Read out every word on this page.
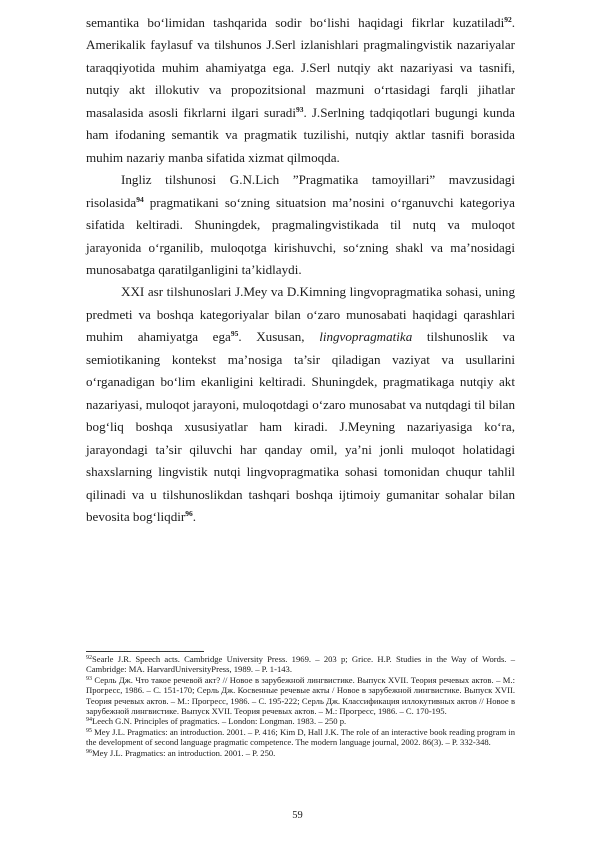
semantika bo‘limidan tashqarida sodir bo‘lishi haqidagi fikrlar kuzatiladi$^{92}$. Amerikalik faylasuf va tilshunos J.Serl izlanishlari pragmalingvistik nazariyalar taraqqiyotida muhim ahamiyatga ega. J.Serl nutqiy akt nazariyasi va tasnifi, nutqiy akt illokutiv va propozitsional mazmuni o‘rtasidagi farqli jihatlar masalasida asosli fikrlarni ilgari suradi$^{93}$. J.Serlning tadqiqotlari bugungi kunda ham ifodaning semantik va pragmatik tuzilishi, nutqiy aktlar tasnifi borasida muhim nazariy manba sifatida xizmat qilmoqda.

Ingliz tilshunosi G.N.Lich ”Pragmatika tamoyillari” mavzusidagi risolasida$^{94}$ pragmatikani so‘zning situatsion ma’nosini o‘rganuvchi kategoriya sifatida keltiradi. Shuningdek, pragmalingvistikada til nutq va muloqot jarayonida o‘rganilib, muloqotga kirishuvchi, so‘zning shakl va ma’nosidagi munosabatga qaratilganligini ta’kidlaydi.

XXI asr tilshunoslari J.Mey va D.Kimning lingvopragmatika sohasi, uning predmeti va boshqa kategoriyalar bilan o‘zaro munosabati haqidagi qarashlari muhim ahamiyatga ega$^{95}$. Xususan, lingvopragmatika tilshunoslik va semiotikaning kontekst ma’nosiga ta’sir qiladigan vaziyat va usullarini o‘rganadigan bo‘lim ekanligini keltiradi. Shuningdek, pragmatikaga nutqiy akt nazariyasi, muloqot jarayoni, muloqotdagi o‘zaro munosabat va nutqdagi til bilan bog‘liq boshqa xususiyatlar ham kiradi. J.Meyning nazariyasiga ko‘ra, jarayondagi ta’sir qiluvchi har qanday omil, ya’ni jonli muloqot holatidagi shaxslarning lingvistik nutqi lingvopragmatika sohasi tomonidan chuqur tahlil qilinadi va u tilshunoslikdan tashqari boshqa ijtimoiy gumanitar sohalar bilan bevosita bog‘liqdir$^{96}$.

$^{92}$Searle J.R. Speech acts. Cambridge University Press. 1969. – 203 p; Grice. H.P. Studies in the Way of Words. – Cambridge: MA. HarvardUniversityPress, 1989. – P. 1-143.

$^{93}$ Серль Дж. Что такое речевой акт? // Новое в зарубежной лингвистике. Выпуск XVII. Теория речевых актов. – М.: Прогресс, 1986. – С. 151-170; Серль Дж. Косвенные речевые акты / Новое в зарубежной лингвистике. Выпуск XVII. Теория речевых актов. – М.: Прогресс, 1986. – С. 195-222; Серль Дж. Классификация иллокутивных актов // Новое в зарубежной лингвистике. Выпуск XVII. Теория речевых актов. – М.: Прогресс, 1986. – С. 170-195.

$^{94}$Leech G.N. Principles of pragmatics. – London: Longman. 1983. – 250 p.

$^{95}$ Mey J.L. Pragmatics: an introduction. 2001. – P. 416; Kim D, Hall J.K. The role of an interactive book reading program in the development of second language pragmatic competence. The modern language journal, 2002. 86(3). – P. 332-348.

$^{96}$Mey J.L. Pragmatics: an introduction. 2001. – P. 250.

59
